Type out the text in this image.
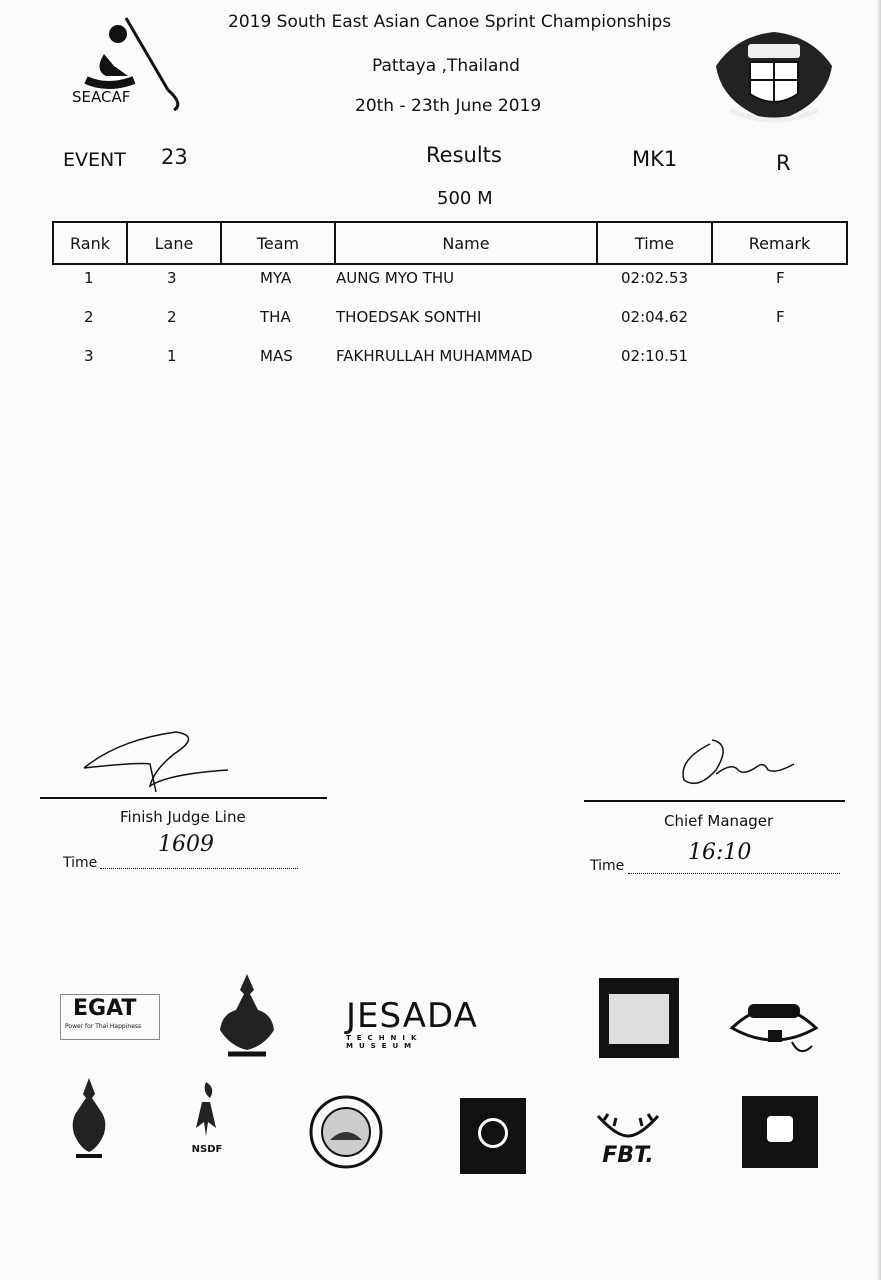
SEACAF
2019 South East Asian Canoe Sprint Championships
Pattaya ,Thailand
20th - 23th June 2019
EVENT 23	Results	MK1	R
500 M
Rank	Lane	Team	Name	Time	Remark
1	3	MYA	AUNG MYO THU	02:02.53	F
2	2	THA	THOEDSAK SONTHI	02:04.62	F
3	1	MAS	FAKHRULLAH MUHAMMAD	02:10.51
Finish Judge Line
Time
1609
Chief Manager
Time
16:10
EGAT
Power for Thai Happiness	JESADA
TECHNIK MUSEUM
NSDF	FBT.
